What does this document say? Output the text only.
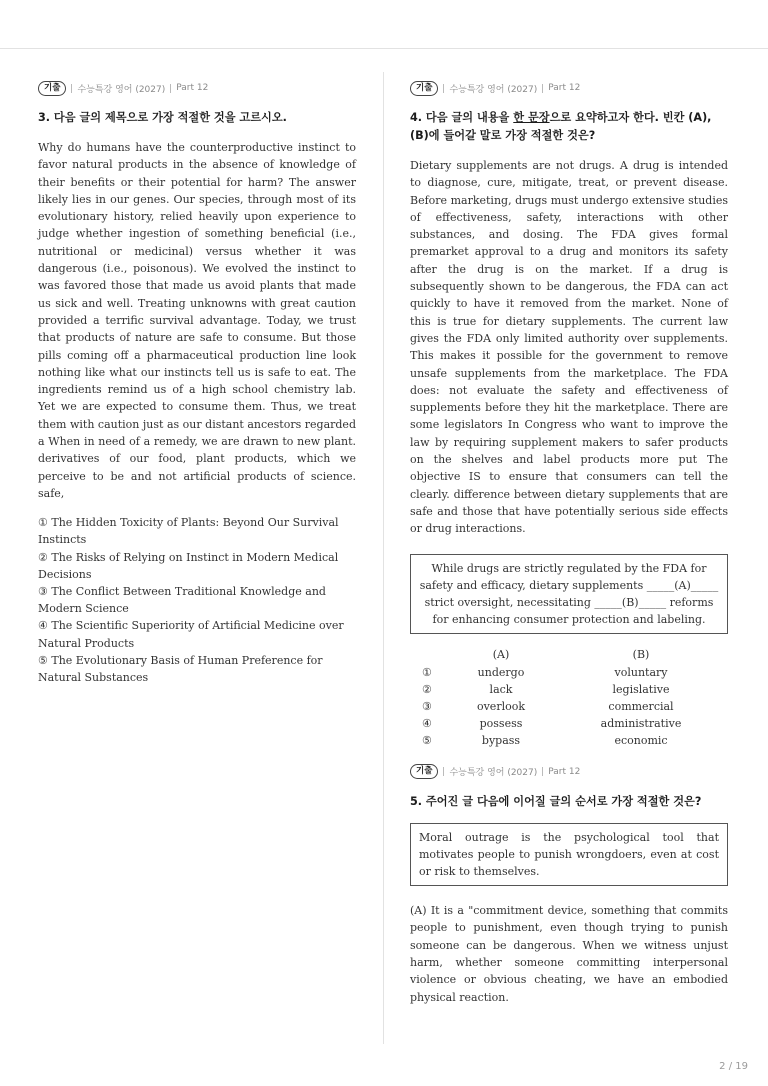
기출	수능특강 영어 (2027) Part 12
3. 다음 글의 제목으로 가장 적절한 것을 고르시오.

Why do humans have the counterproductive instinct to favor natural products in the absence of knowledge of their benefits or their potential for harm? The answer likely lies in our genes. Our species, through most of its evolutionary history, relied heavily upon experience to judge whether ingestion of something beneficial (i.e., nutritional or medicinal) versus whether it was dangerous (i.e., poisonous). We evolved the instinct to was favored those that made us avoid plants that made us sick and well. Treating unknowns with great caution provided a terrific survival advantage. Today, we trust that products of nature are safe to consume. But those pills coming off a pharmaceutical production line look nothing like what our instincts tell us is safe to eat. The ingredients remind us of a high school chemistry lab. Yet we are expected to consume them. Thus, we treat them with caution just as our distant ancestors regarded a When in need of a remedy, we are drawn to new plant. derivatives of our food, plant products, which we perceive to be and not artificial products of science. safe,

① The Hidden Toxicity of Plants: Beyond Our Survival Instincts
② The Risks of Relying on Instinct in Modern Medical Decisions
③ The Conflict Between Traditional Knowledge and Modern Science
④ The Scientific Superiority of Artificial Medicine over Natural Products
⑤ The Evolutionary Basis of Human Preference for Natural Substances
기출	수능특강 영어 (2027) Part 12
4. 다음 글의 내용을 한 문장으로 요약하고자 한다. 빈칸 (A), (B)에 들어갈 말로 가장 적절한 것은?

Dietary supplements are not drugs. A drug is intended to diagnose, cure, mitigate, treat, or prevent disease. Before marketing, drugs must undergo extensive studies of effectiveness, safety, interactions with other substances, and dosing. The FDA gives formal premarket approval to a drug and monitors its safety after the drug is on the market. If a drug is subsequently shown to be dangerous, the FDA can act quickly to have it removed from the market. None of this is true for dietary supplements. The current law gives the FDA only limited authority over supplements. This makes it possible for the government to remove unsafe supplements from the marketplace. The FDA does: not evaluate the safety and effectiveness of supplements before they hit the marketplace. There are some legislators In Congress who want to improve the law by requiring supplement makers to safer products on the shelves and label products more put The objective IS to ensure that consumers can tell the clearly. difference between dietary supplements that are safe and those that have potentially serious side effects or drug interactions.

While drugs are strictly regulated by the FDA for safety and efficacy, dietary supplements _____(A)_____ strict oversight, necessitating _____(B)_____ reforms for enhancing consumer protection and labeling.
(A)	(B)
①	undergo	voluntary
②	lack	legislative
③	overlook	commercial
④	possess	administrative
⑤	bypass	economic
기출	수능특강 영어 (2027) Part 12
5. 주어진 글 다음에 이어질 글의 순서로 가장 적절한 것은?
Moral outrage is the psychological tool that motivates people to punish wrongdoers, even at cost or risk to themselves.

(A) It is a "commitment device, something that commits people to punishment, even though trying to punish someone can be dangerous. When we witness unjust harm, whether someone committing interpersonal violence or obvious cheating, we have an embodied physical reaction.

2 / 19
